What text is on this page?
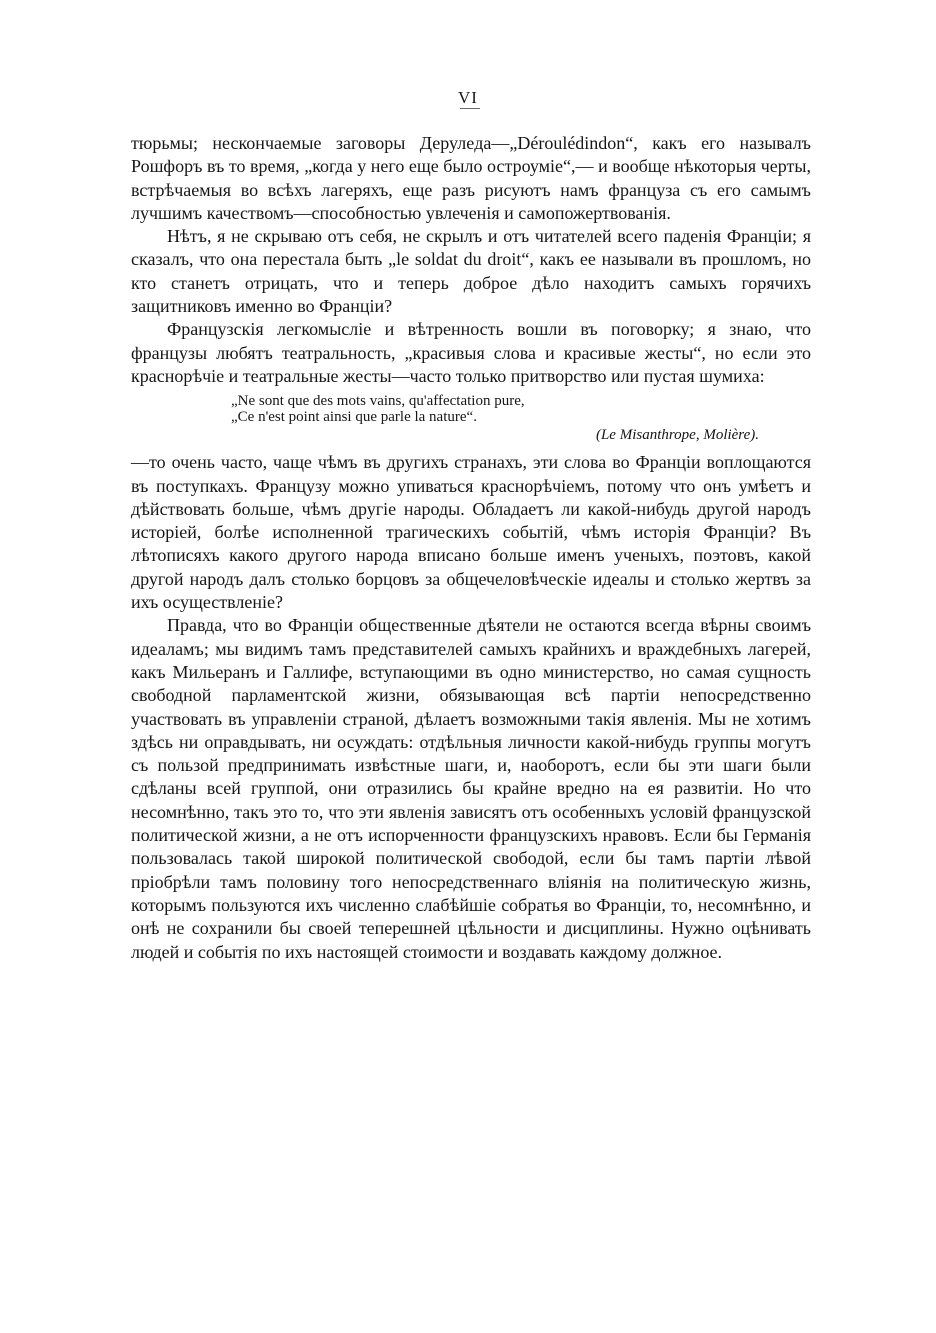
VI

тюрьмы; нескончаемые заговоры Дерулeда—„Déroulédindon“, какъ его называлъ Рошфоръ въ то время, „когда у него еще было остроуміе“,— и вообще нѣкоторыя черты, встрѣчаемыя во всѣхъ лагеряхъ, еще разъ рисуютъ намъ француза съ его самымъ лучшимъ качествомъ—способностью увлеченія и самопожертвованія.

Нѣтъ, я не скрываю отъ себя, не скрылъ и отъ читателей всего паденія Франціи; я сказалъ, что она перестала быть „le soldat du droit“, какъ ее называли въ прошломъ, но кто станетъ отрицать, что и теперь доброе дѣло находитъ самыхъ горячихъ защитниковъ именно во Франціи?

Французскія легкомысліе и вѣтренность вошли въ поговорку; я знаю, что французы любятъ театральность, „красивыя слова и красивые жесты“, но если это краснорѣчіе и театральные жесты—часто только притворство или пустая шумиха:

„Ne sont que des mots vains, qu'affectation pure,
„Ce n'est point ainsi que parle la nature“.
(Le Misanthrope, Molière).

—то очень часто, чаще чѣмъ въ другихъ странахъ, эти слова во Франціи воплощаются въ поступкахъ. Французу можно упиваться краснорѣчіемъ, потому что онъ умѣетъ и дѣйствовать больше, чѣмъ другіе народы. Обладаетъ ли какой-нибудь другой народъ исторіей, болѣе исполненной трагическихъ событій, чѣмъ исторія Франціи? Въ лѣтописяхъ какого другого народа вписано больше именъ ученыхъ, поэтовъ, какой другой народъ далъ столько борцовъ за общечеловѣческіе идеалы и столько жертвъ за ихъ осуществленіе?

Правда, что во Франціи общественные дѣятели не остаются всегда вѣрны своимъ идеаламъ; мы видимъ тамъ представителей самыхъ крайнихъ и враждебныхъ лагерей, какъ Мильеранъ и Галлифе, вступающими въ одно министерство, но самая сущность свободной парламентской жизни, обязывающая всѣ партіи непосредственно участвовать въ управленіи страной, дѣлаетъ возможными такія явленія. Мы не хотимъ здѣсь ни оправдывать, ни осуждать: отдѣльныя личности какой-нибудь группы могутъ съ пользой предпринимать извѣстные шаги, и, наоборотъ, если бы эти шаги были сдѣланы всей группой, они отразились бы крайне вредно на ея развитіи. Но что несомнѣнно, такъ это то, что эти явленія зависятъ отъ особенныхъ условій французской политической жизни, а не отъ испорченности французскихъ нравовъ. Если бы Германія пользовалась такой широкой политической свободой, если бы тамъ партіи лѣвой пріобрѣли тамъ половину того непосредственнаго вліянія на политическую жизнь, которымъ пользуются ихъ численно слабѣйшіе собратья во Франціи, то, несомнѣнно, и онѣ не сохранили бы своей теперешней цѣльности и дисциплины. Нужно оцѣнивать людей и событія по ихъ настоящей стоимости и воздавать каждому должное.
